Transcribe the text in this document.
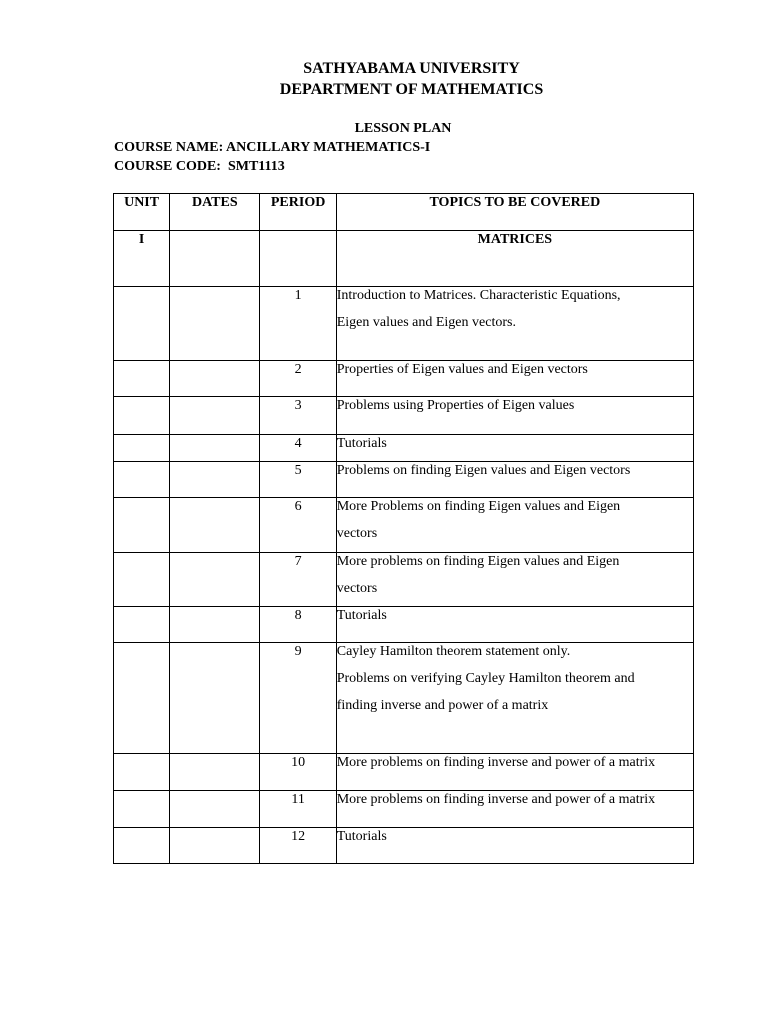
SATHYABAMA UNIVERSITY
DEPARTMENT OF MATHEMATICS
LESSON PLAN
COURSE NAME: ANCILLARY MATHEMATICS-I
COURSE CODE:  SMT1113
UNIT	DATES	PERIOD	TOPICS TO BE COVERED
I			MATRICES
		1	Introduction to Matrices. Characteristic Equations,
Eigen values and Eigen vectors.

		2	Properties of Eigen values and Eigen vectors

		3	Problems using Properties of Eigen values

		4	Tutorials

		5	Problems on finding Eigen values and Eigen vectors

		6	More Problems on finding Eigen values and Eigen
vectors

		7	More problems on finding Eigen values and Eigen
vectors

		8	Tutorials

		9	Cayley Hamilton theorem statement only.
Problems on verifying Cayley Hamilton theorem and
finding inverse and power of a matrix

		10	More problems on finding inverse and power of a matrix

		11	More problems on finding inverse and power of a matrix

		12	Tutorials
